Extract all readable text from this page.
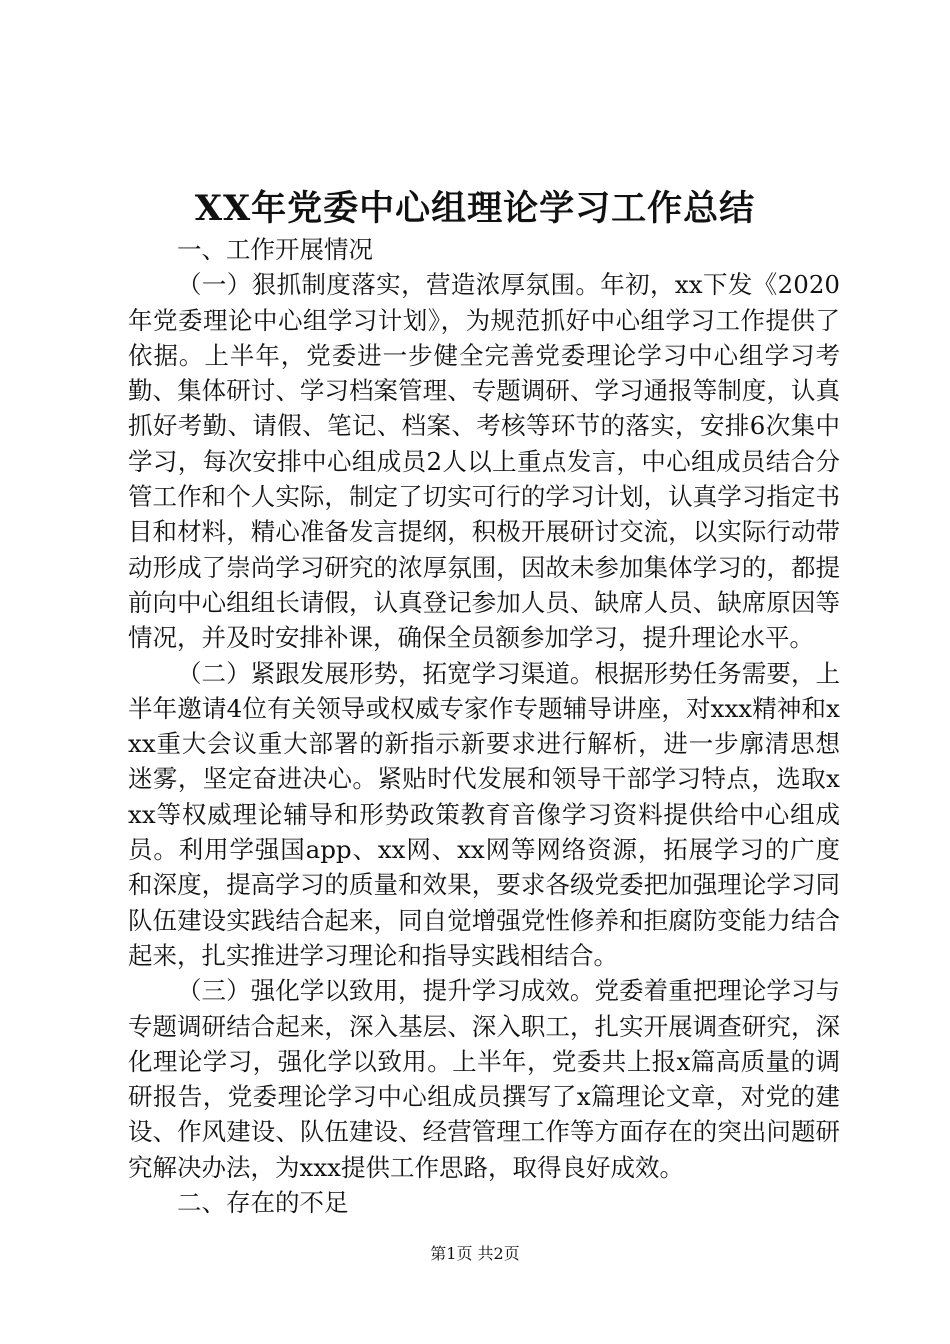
XX年党委中心组理论学习工作总结

一、工作开展情况

（一）狠抓制度落实，营造浓厚氛围。年初，xx下发《2020年党委理论中心组学习计划》，为规范抓好中心组学习工作提供了依据。上半年，党委进一步健全完善党委理论学习中心组学习考勤、集体研讨、学习档案管理、专题调研、学习通报等制度，认真抓好考勤、请假、笔记、档案、考核等环节的落实，安排6次集中学习，每次安排中心组成员2人以上重点发言，中心组成员结合分管工作和个人实际，制定了切实可行的学习计划，认真学习指定书目和材料，精心准备发言提纲，积极开展研讨交流，以实际行动带动形成了崇尚学习研究的浓厚氛围，因故未参加集体学习的，都提前向中心组组长请假，认真登记参加人员、缺席人员、缺席原因等情况，并及时安排补课，确保全员额参加学习，提升理论水平。

（二）紧跟发展形势，拓宽学习渠道。根据形势任务需要，上半年邀请4位有关领导或权威专家作专题辅导讲座，对xxx精神和xxx重大会议重大部署的新指示新要求进行解析，进一步廓清思想迷雾，坚定奋进决心。紧贴时代发展和领导干部学习特点，选取xxx等权威理论辅导和形势政策教育音像学习资料提供给中心组成员。利用学强国app、xx网、xx网等网络资源，拓展学习的广度和深度，提高学习的质量和效果，要求各级党委把加强理论学习同队伍建设实践结合起来，同自觉增强党性修养和拒腐防变能力结合起来，扎实推进学习理论和指导实践相结合。

（三）强化学以致用，提升学习成效。党委着重把理论学习与专题调研结合起来，深入基层、深入职工，扎实开展调查研究，深化理论学习，强化学以致用。上半年，党委共上报x篇高质量的调研报告，党委理论学习中心组成员撰写了x篇理论文章，对党的建设、作风建设、队伍建设、经营管理工作等方面存在的突出问题研究解决办法，为xxx提供工作思路，取得良好成效。

二、存在的不足

第1页 共2页
